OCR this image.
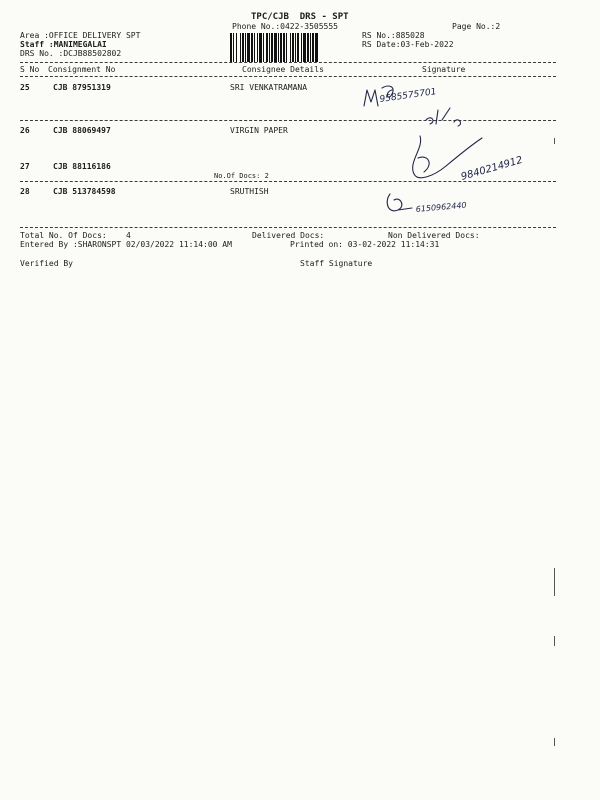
TPC/CJB  DRS - SPT
Phone No.:0422-3505555	Page No.:2
Area :OFFICE DELIVERY SPT
Staff :MANIMEGALAI
DRS No. :DCJB88502802
RS No.:885028
RS Date:03-Feb-2022
S No Consignment No	Consignee Details	Signature
25	CJB 87951319	SRI VENKATRAMANA
26	CJB 88069497	VIRGIN PAPER
27	CJB 88116186
No.Of Docs: 2
28	CJB 513784598	SRUTHISH
9585575701
9840214912
6150962440
Total No. Of Docs:    4	Delivered Docs:	Non Delivered Docs:
Entered By :SHARONSPT 02/03/2022 11:14:00 AM	Printed on: 03-02-2022 11:14:31
Verified By	Staff Signature
